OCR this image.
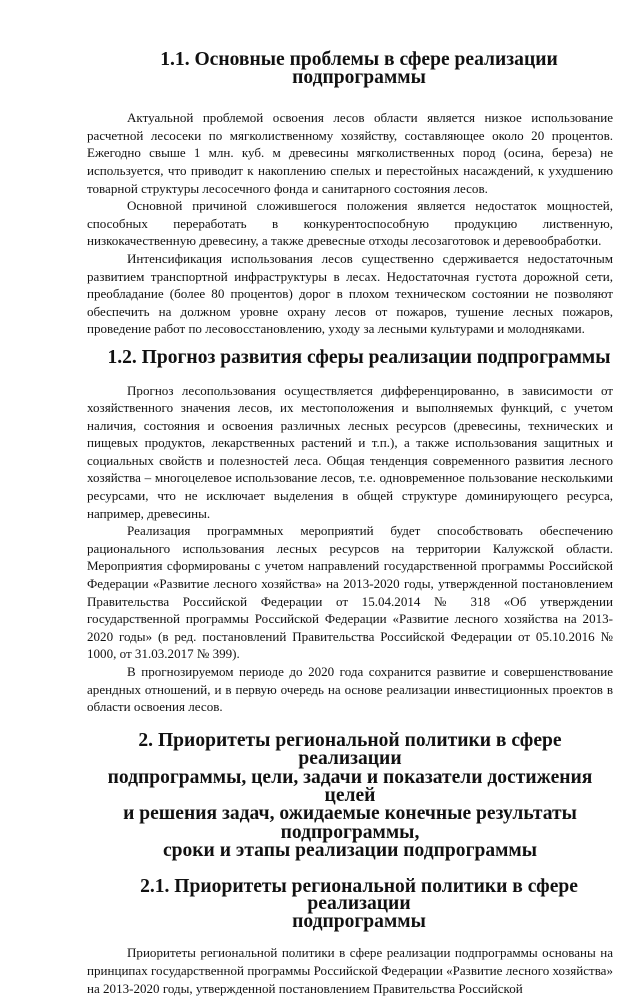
1.1. Основные проблемы в сфере реализации подпрограммы

Актуальной проблемой освоения лесов области является низкое использование расчетной лесосеки по мягколиственному хозяйству, составляющее около 20 процентов. Ежегодно свыше 1 млн. куб. м древесины мягколиственных пород (осина, береза) не используется, что приводит к накоплению спелых и перестойных насаждений, к ухудшению товарной структуры лесосечного фонда и санитарного состояния лесов.

Основной причиной сложившегося положения является недостаток мощностей, способных переработать в конкурентоспособную продукцию лиственную, низкокачественную древесину, а также древесные отходы лесозаготовок и деревообработки.

Интенсификация использования лесов существенно сдерживается недостаточным развитием транспортной инфраструктуры в лесах. Недостаточная густота дорожной сети, преобладание (более 80 процентов) дорог в плохом техническом состоянии не позволяют обеспечить на должном уровне охрану лесов от пожаров, тушение лесных пожаров, проведение работ по лесовосстановлению, уходу за лесными культурами и молодняками.

1.2. Прогноз развития сферы реализации подпрограммы

Прогноз лесопользования осуществляется дифференцированно, в зависимости от хозяйственного значения лесов, их местоположения и выполняемых функций, с учетом наличия, состояния и освоения различных лесных ресурсов (древесины, технических и пищевых продуктов, лекарственных растений и т.п.), а также использования защитных и социальных свойств и полезностей леса. Общая тенденция современного развития лесного хозяйства – многоцелевое использование лесов, т.е. одновременное пользование несколькими ресурсами, что не исключает выделения в общей структуре доминирующего ресурса, например, древесины.

Реализация программных мероприятий будет способствовать обеспечению рационального использования лесных ресурсов на территории Калужской области. Мероприятия сформированы с учетом направлений государственной программы Российской Федерации «Развитие лесного хозяйства» на 2013-2020 годы, утвержденной постановлением Правительства Российской Федерации от 15.04.2014 № 318 «Об утверждении государственной программы Российской Федерации «Развитие лесного хозяйства на 2013-2020 годы» (в ред. постановлений Правительства Российской Федерации от 05.10.2016 № 1000, от 31.03.2017 № 399).

В прогнозируемом периоде до 2020 года сохранится развитие и совершенствование арендных отношений, и в первую очередь на основе реализации инвестиционных проектов в области освоения лесов.

2. Приоритеты региональной политики в сфере реализации
подпрограммы, цели, задачи и показатели достижения целей
и решения задач, ожидаемые конечные результаты подпрограммы,
сроки и этапы реализации подпрограммы
2.1. Приоритеты региональной политики в сфере реализации
подпрограммы

Приоритеты региональной политики в сфере реализации подпрограммы основаны на принципах государственной программы Российской Федерации «Развитие лесного хозяйства» на 2013-2020 годы, утвержденной постановлением Правительства Российской
